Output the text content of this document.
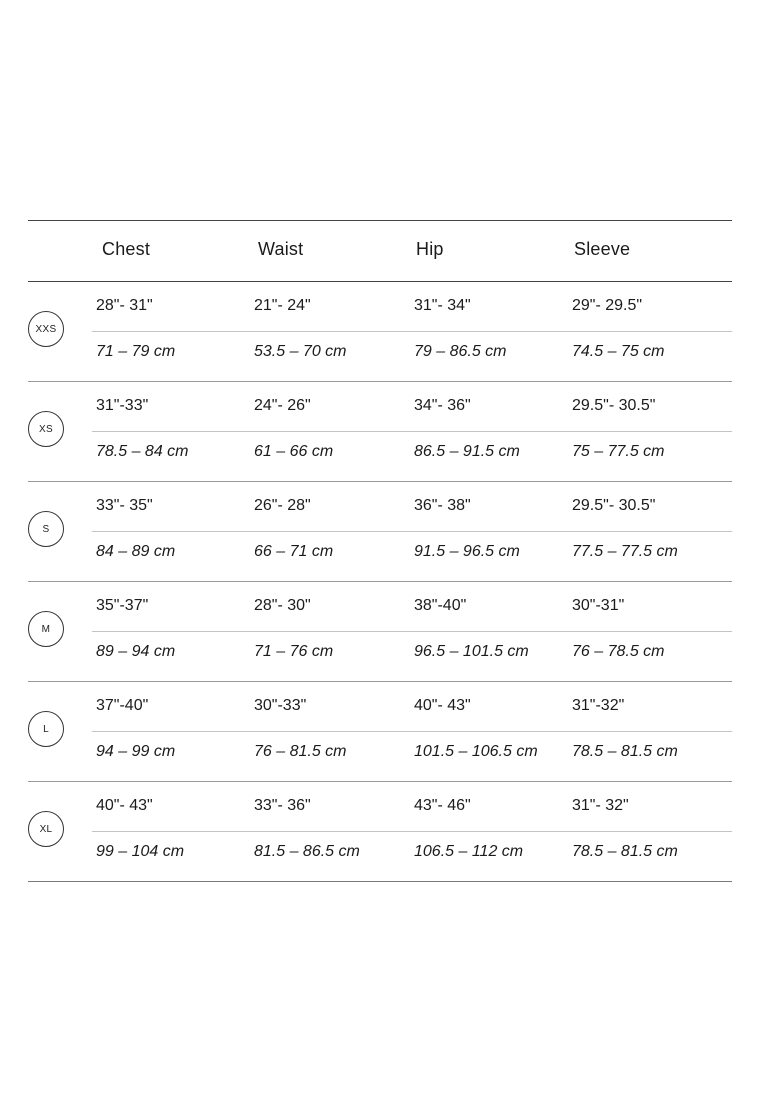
Chest	Waist	Hip	Sleeve
XXS
28"- 31"	21"- 24"	31"- 34"	29"- 29.5"
71 – 79 cm	53.5 – 70 cm	79 – 86.5 cm	74.5 – 75 cm
XS
31"-33"	24"- 26"	34"- 36"	29.5"- 30.5"
78.5 – 84 cm	61 – 66 cm	86.5 – 91.5 cm	75 – 77.5 cm
S
33"- 35"	26"- 28"	36"- 38"	29.5"- 30.5"
84 – 89 cm	66 – 71 cm	91.5 – 96.5 cm	77.5 – 77.5 cm
M
35"-37"	28"- 30"	38"-40"	30"-31"
89 – 94 cm	71 – 76 cm	96.5 – 101.5 cm	76 – 78.5 cm
L
37"-40"	30"-33"	40"- 43"	31"-32"
94 – 99 cm	76 – 81.5 cm	101.5 – 106.5 cm 78.5 – 81.5 cm
XL
40"- 43"	33"- 36"	43"- 46"	31"- 32"
99 – 104 cm	81.5 – 86.5 cm	106.5 – 112 cm	78.5 – 81.5 cm
